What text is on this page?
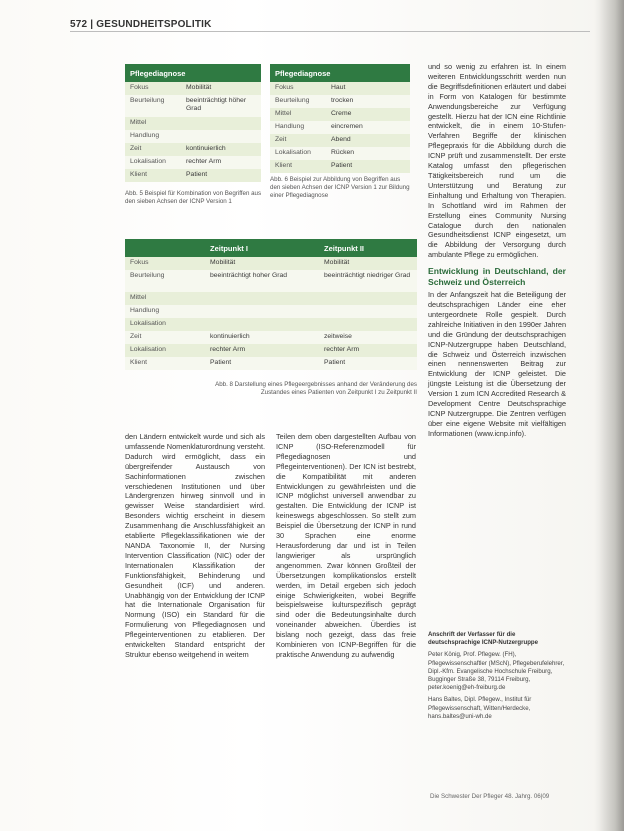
572 | GESUNDHEITSPOLITIK
Pflegediagnose	
Fokus	Mobilität
Beurteilung	beeinträchtigt höher Grad
Mittel	
Handlung	
Zeit	kontinuierlich
Lokalisation	rechter Arm
Klient	Patient
Abb. 5 Beispiel für Kombination von Begriffen aus den sieben Achsen der ICNP Version 1
Pflegediagnose	
Fokus	Haut
Beurteilung	trocken
Mittel	Creme
Handlung	eincremen
Zeit	Abend
Lokalisation	Rücken
Klient	Patient
Abb. 6 Beispiel zur Abbildung von Begriffen aus den sieben Achsen der ICNP Version 1 zur Bildung einer Pflegediagnose
	Zeitpunkt I	Zeitpunkt II
Fokus	Mobilität	Mobilität
Beurteilung	beeinträchtigt hoher Grad	beeinträchtigt niedriger Grad
Mittel		
Handlung		
Lokalisation		
Zeit	kontinuierlich	zeitweise
Lokalisation	rechter Arm	rechter Arm
Klient	Patient	Patient
Abb. 8 Darstellung eines Pflegeergebnisses anhand der Veränderung des Zustandes eines Patienten von Zeitpunkt I zu Zeitpunkt II

und so wenig zu erfahren ist. In einem weiteren Entwicklungsschritt werden nun die Begriffsdefinitionen erläutert und dabei in Form von Katalogen für bestimmte Anwendungsbereiche zur Verfügung gestellt. Hierzu hat der ICN eine Richtlinie entwickelt, die in einem 10-Stufen-Verfahren Begriffe der klinischen Pflegepraxis für die Abbildung durch die ICNP prüft und zusammenstellt. Der erste Katalog umfasst den pflegerischen Tätigkeitsbereich rund um die Unterstützung und Beratung zur Einhaltung und Erhaltung von Therapien. In Schottland wird im Rahmen der Erstellung eines Community Nursing Catalogue durch den nationalen Gesundheitsdienst ICNP eingesetzt, um die Abbildung der Versorgung durch ambulante Pflege zu ermöglichen.

Entwicklung in Deutschland, der Schweiz und Österreich

In der Anfangszeit hat die Beteiligung der deutschsprachigen Länder eine eher untergeordnete Rolle gespielt. Durch zahlreiche Initiativen in den 1990er Jahren und die Gründung der deutschsprachigen ICNP-Nutzergruppe haben Deutschland, die Schweiz und Österreich inzwischen einen nennenswerten Beitrag zur Entwicklung der ICNP geleistet. Die jüngste Leistung ist die Übersetzung der Version 1 zum ICN Accredited Research & Development Centre Deutschsprachige ICNP Nutzergruppe. Die Zentren verfügen über eine eigene Website mit vielfältigen Informationen (www.icnp.info).

Anschrift der Verfasser für die deutschsprachige ICNP-Nutzergruppe

Peter König, Prof. Pflegew. (FH), Pflegewissenschaftler (MScN), Pflegeberufelehrer, Dipl.-Kfm. Evangelische Hochschule Freiburg, Bugginger Straße 38, 79114 Freiburg, peter.koenig@eh-freiburg.de

Hans Baltes, Dipl. Pflegew., Institut für Pflegewissenschaft, Witten/Herdecke, hans.baltes@uni-wh.de

den Ländern entwickelt wurde und sich als umfassende Nomenklaturordnung versteht. Dadurch wird ermöglicht, dass ein übergreifender Austausch von Sachinformationen zwischen verschiedenen Institutionen und über Ländergrenzen hinweg sinnvoll und in gewisser Weise standardisiert wird. Besonders wichtig erscheint in diesem Zusammenhang die Anschlussfähigkeit an etablierte Pflegeklassifikationen wie der NANDA Taxonomie II, der Nursing Intervention Classification (NIC) oder der Internationalen Klassifikation der Funktionsfähigkeit, Behinderung und Gesundheit (ICF) und anderen. Unabhängig von der Entwicklung der ICNP hat die Internationale Organisation für Normung (ISO) ein Standard für die Formulierung von Pflegediagnosen und Pflegeinterventionen zu etablieren. Der entwickelten Standard entspricht der Struktur ebenso weitgehend in weitem

Teilen dem oben dargestellten Aufbau von ICNP (ISO-Referenzmodell für Pflegediagnosen und Pflegeinterventionen). Der ICN ist bestrebt, die Kompatibilität mit anderen Entwicklungen zu gewährleisten und die ICNP möglichst universell anwendbar zu gestalten. Die Entwicklung der ICNP ist keineswegs abgeschlossen. So stellt zum Beispiel die Übersetzung der ICNP in rund 30 Sprachen eine enorme Herausforderung dar und ist in Teilen langwieriger als ursprünglich angenommen. Zwar können Großteil der Übersetzungen komplikationslos erstellt werden, im Detail ergeben sich jedoch einige Schwierigkeiten, wobei Begriffe beispielsweise kulturspezifisch geprägt sind oder die Bedeutungsinhalte durch voneinander abweichen. Überdies ist bislang noch gezeigt, dass das freie Kombinieren von ICNP-Begriffen für die praktische Anwendung zu aufwendig

Die Schwester Der Pfleger 48. Jahrg. 06|09
